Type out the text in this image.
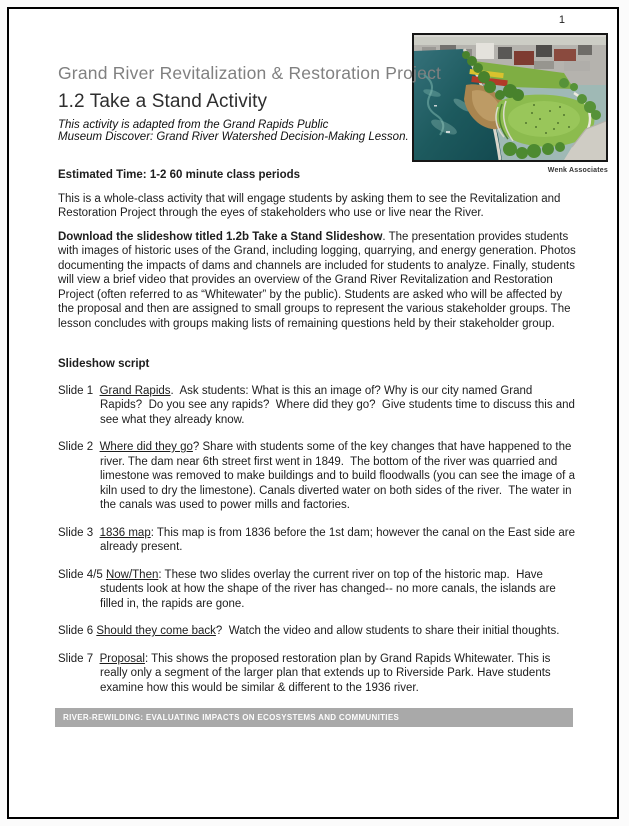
1
Wenk Associates
Grand River Revitalization & Restoration Project
1.2 Take a Stand Activity

This activity is adapted from the Grand Rapids Public
Museum Discover: Grand River Watershed Decision-Making Lesson.

Estimated Time: 1-2 60 minute class periods

This is a whole-class activity that will engage students by asking them to see the Revitalization and Restoration Project through the eyes of stakeholders who use or live near the River.

Download the slideshow titled 1.2b Take a Stand Slideshow. The presentation provides students with images of historic uses of the Grand, including logging, quarrying, and energy generation. Photos documenting the impacts of dams and channels are included for students to analyze. Finally, students will view a brief video that provides an overview of the Grand River Revitalization and Restoration Project (often referred to as “Whitewater” by the public). Students are asked who will be affected by the proposal and then are assigned to small groups to represent the various stakeholder groups. The lesson concludes with groups making lists of remaining questions held by their stakeholder group.

Slideshow script
Slide 1  Grand Rapids.  Ask students: What is this an image of? Why is our city named Grand Rapids?  Do you see any rapids?  Where did they go?  Give students time to discuss this and see what they already know.
Slide 2  Where did they go? Share with students some of the key changes that have happened to the river. The dam near 6th street first went in 1849.  The bottom of the river was quarried and limestone was removed to make buildings and to build floodwalls (you can see the image of a kiln used to dry the limestone). Canals diverted water on both sides of the river.  The water in the canals was used to power mills and factories.
Slide 3  1836 map: This map is from 1836 before the 1st dam; however the canal on the East side are already present.
Slide 4/5 Now/Then: These two slides overlay the current river on top of the historic map.  Have students look at how the shape of the river has changed-- no more canals, the islands are filled in, the rapids are gone.
Slide 6 Should they come back?  Watch the video and allow students to share their initial thoughts.
Slide 7  Proposal: This shows the proposed restoration plan by Grand Rapids Whitewater. This is really only a segment of the larger plan that extends up to Riverside Park. Have students examine how this would be similar & different to the 1936 river.
RIVER-REWILDING: EVALUATING IMPACTS ON ECOSYSTEMS AND COMMUNITIES
